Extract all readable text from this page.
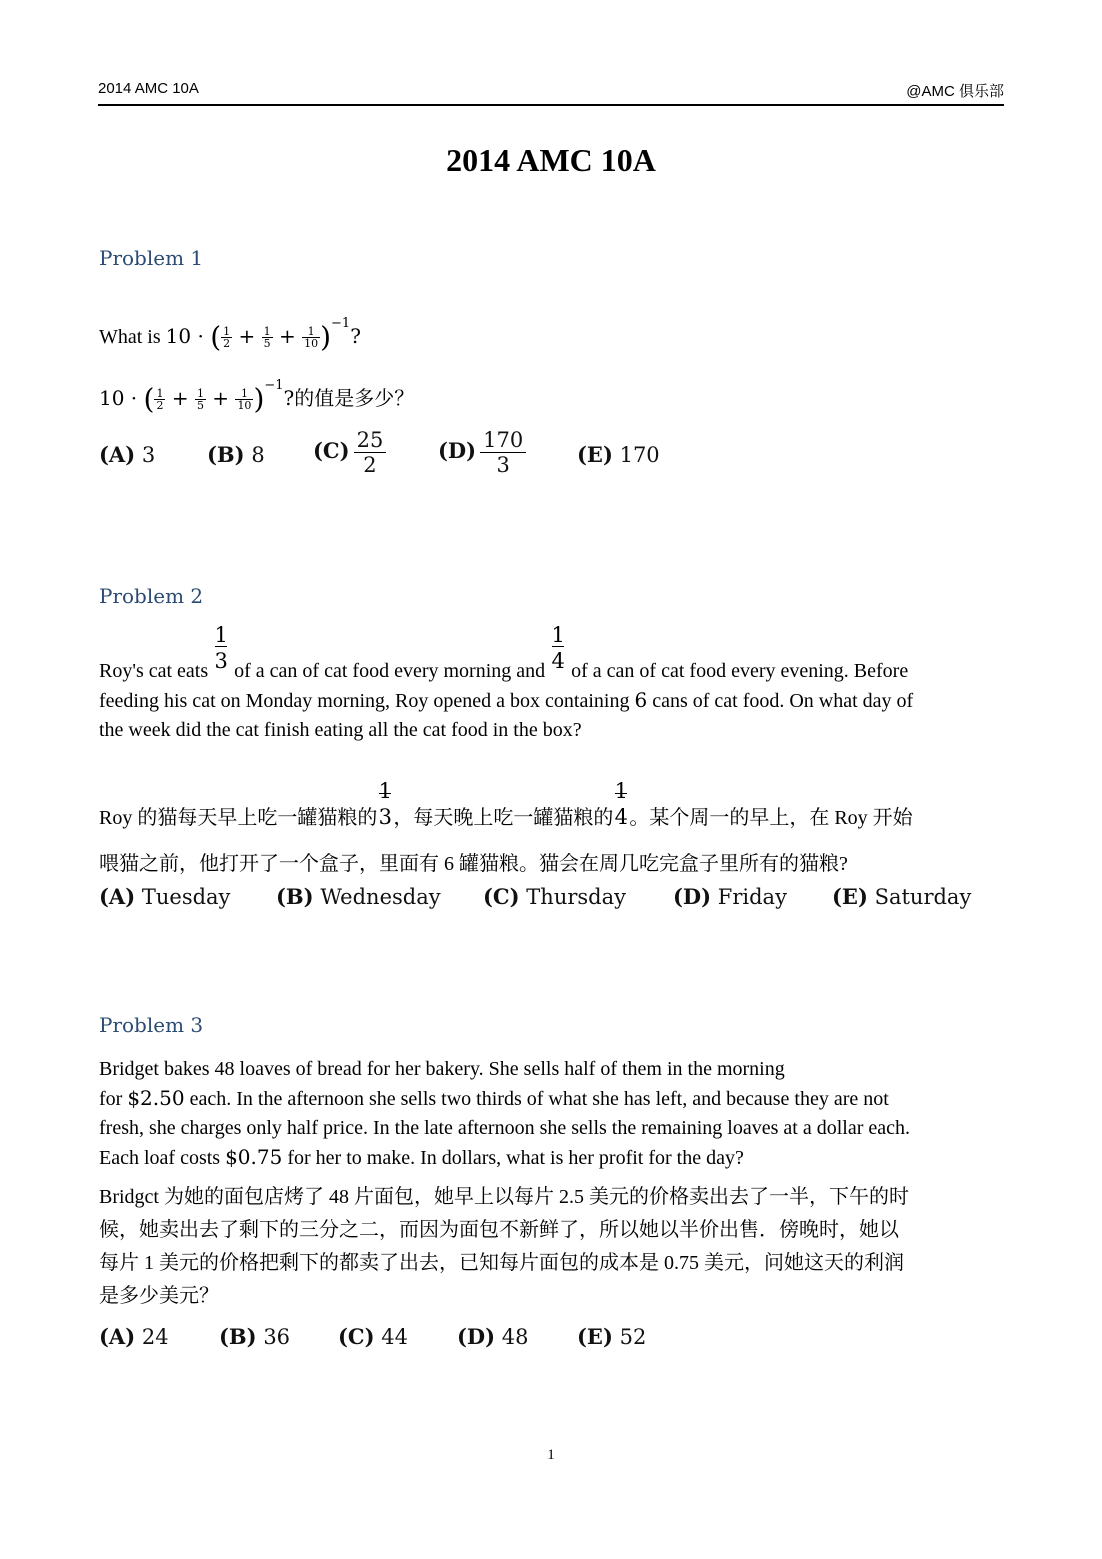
2014 AMC 10A	@AMC 俱乐部
2014 AMC 10A
Problem 1
What is 10 · ( $\frac{1}{2} + \frac{1}{5} + \frac{1}{10} )^{-1}$?
10 · ( $\frac{1}{2} + \frac{1}{5} + \frac{1}{10} )^{-1}$?的值是多少？
(A) 3 (B) 8 $(C) \frac{25}{2} (D) \frac{170}{3} (E)$ 170
Problem 2
Roy's cat eats $\frac{1}{3}$ of a can of cat food every morning and $\frac{1}{4}$ of a can of cat food every evening. Before
feeding his cat on Monday morning, Roy opened a box containing 6 cans of cat food. On what day of
the week did the cat finish eating all the cat food in the box?
Roy 的猫每天早上吃一罐猫粮的
1
3 ，每天晚上吃一罐猫粮的
1
4 。某个周一的早上，在 Roy 开始
喂猫之前，他打开了一个盒子，里面有 6 罐猫粮。猫会在周几吃完盒子里所有的猫粮?
(A) Tuesday (B) Wednesday (C) Thursday (D) Friday (E) Saturday
Problem 3
Bridget bakes 48 loaves of bread for her bakery. She sells half of them in the morning
for $2.50 each. In the afternoon she sells two thirds of what she has left, and because they are not
fresh, she charges only half price. In the late afternoon she sells the remaining loaves at a dollar each.
Each loaf costs $0.75 for her to make. In dollars, what is her profit for the day?
Bridgct 为她的面包店烤了 48 片面包，她早上以每片 2.5 美元的价格卖出去了一半，下午的时
候，她卖出去了剩下的三分之二，而因为面包不新鲜了，所以她以半价出售．傍晚时，她以
每片 1 美元的价格把剩下的都卖了出去，已知每片面包的成本是 0.75 美元，问她这天的利润
是多少美元？
(A) 24 (B) 36 (C) 44 (D) 48 (E) 52
1
